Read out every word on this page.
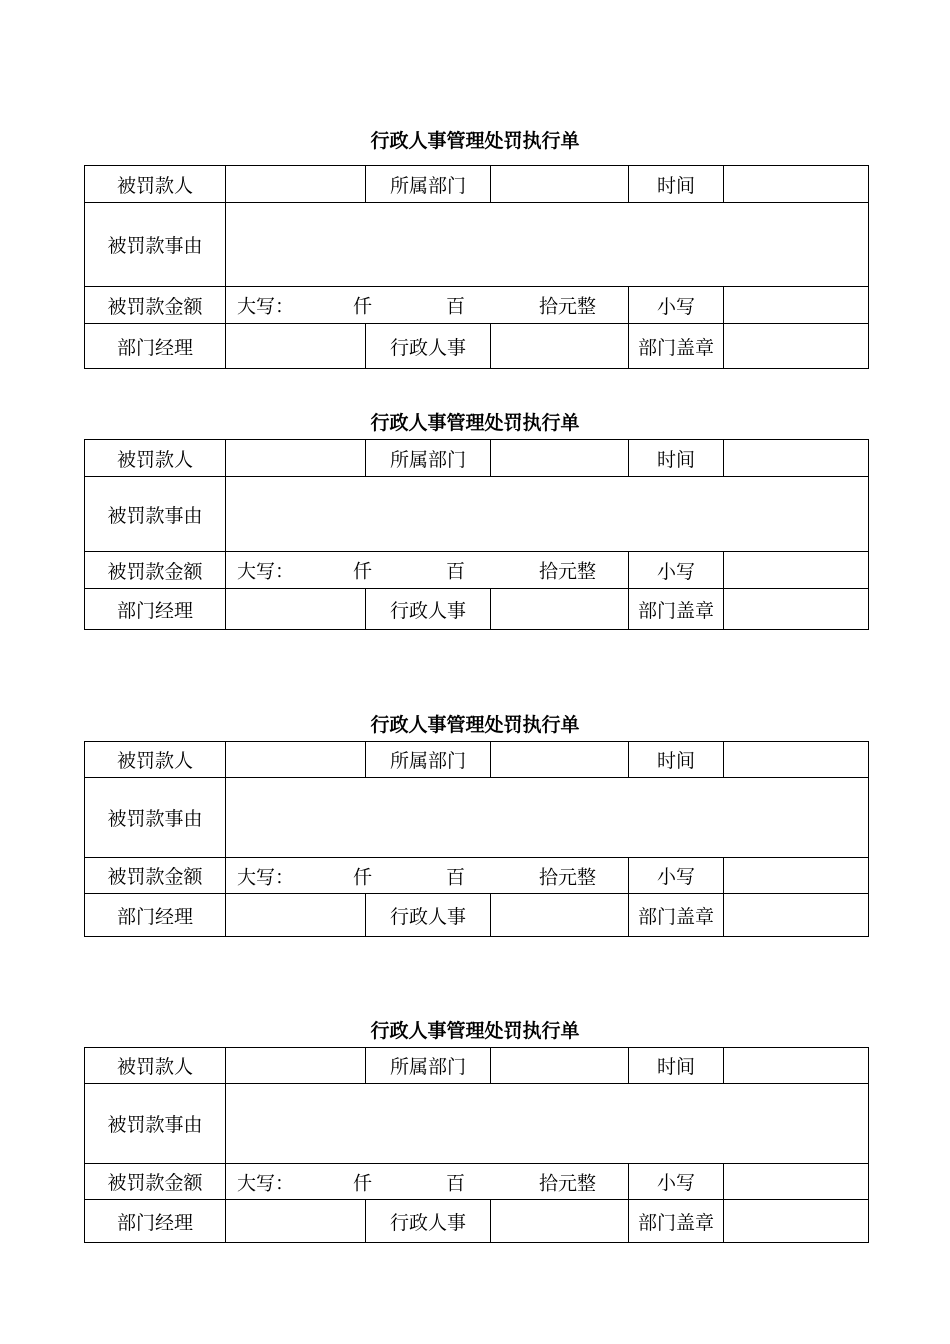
行政人事管理处罚执行单
被罚款人		所属部门		时间	
被罚款事由					
被罚款金额	大写： 仟 百 拾元整			小写	
部门经理		行政人事		部门盖章	
行政人事管理处罚执行单
被罚款人		所属部门		时间	
被罚款事由					
被罚款金额	大写： 仟 百 拾元整			小写	
部门经理		行政人事		部门盖章	
行政人事管理处罚执行单
被罚款人		所属部门		时间	
被罚款事由					
被罚款金额	大写： 仟 百 拾元整			小写	
部门经理		行政人事		部门盖章	
行政人事管理处罚执行单
被罚款人		所属部门		时间	
被罚款事由					
被罚款金额	大写： 仟 百 拾元整			小写	
部门经理		行政人事		部门盖章	
